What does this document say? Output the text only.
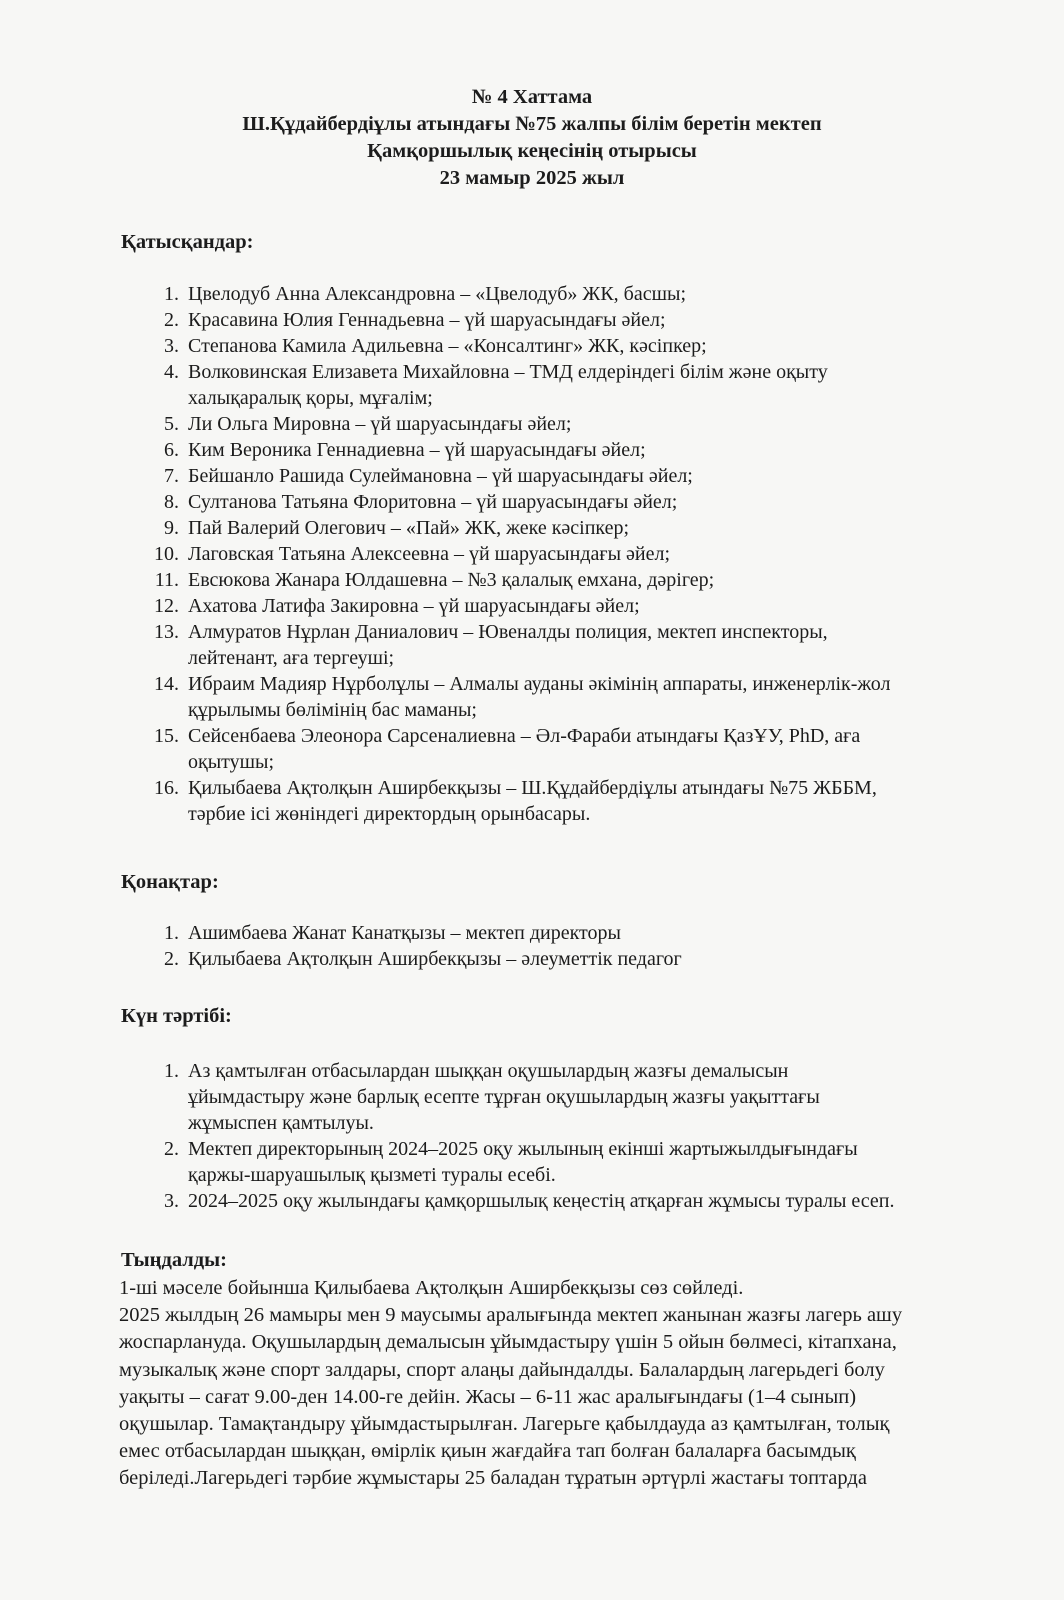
№ 4 Хаттама
Ш.Құдайбердіұлы атындағы №75 жалпы білім беретін мектеп
Қамқоршылық кеңесінің отырысы
23 мамыр 2025 жыл
Қатысқандар:
1. Цвелодуб Анна Александровна – «Цвелодуб» ЖК, басшы;
2. Красавина Юлия Геннадьевна – үй шаруасындағы әйел;
3. Степанова Камила Адильевна – «Консалтинг» ЖК, кәсіпкер;
4. Волковинская Елизавета Михайловна – ТМД елдеріндегі білім және оқыту
халықаралық қоры, мұғалім;
5. Ли Ольга Мировна – үй шаруасындағы әйел;
6. Ким Вероника Геннадиевна – үй шаруасындағы әйел;
7. Бейшанло Рашида Сулеймановна – үй шаруасындағы әйел;
8. Султанова Татьяна Флоритовна – үй шаруасындағы әйел;
9. Пай Валерий Олегович – «Пай» ЖК, жеке кәсіпкер;
10. Лаговская Татьяна Алексеевна – үй шаруасындағы әйел;
11. Евсюкова Жанара Юлдашевна – №3 қалалық емхана, дәрігер;
12. Ахатова Латифа Закировна – үй шаруасындағы әйел;
13. Алмуратов Нұрлан Даниалович – Ювеналды полиция, мектеп инспекторы,
лейтенант, аға тергеуші;
14. Ибраим Мадияр Нұрболұлы – Алмалы ауданы әкімінің аппараты, инженерлік-жол
құрылымы бөлімінің бас маманы;
15. Сейсенбаева Элеонора Сарсеналиевна – Әл-Фараби атындағы ҚазҰУ, PhD, аға
оқытушы;
16. Қилыбаева Ақтолқын Аширбекқызы – Ш.Құдайбердіұлы атындағы №75 ЖББМ,
тәрбие ісі жөніндегі директордың орынбасары.
Қонақтар:
1. Ашимбаева Жанат Канатқызы – мектеп директоры
2. Қилыбаева Ақтолқын Аширбекқызы – әлеуметтік педагог
Күн тәртібі:
1. Аз қамтылған отбасылардан шыққан оқушылардың жазғы демалысын
ұйымдастыру және барлық есепте тұрған оқушылардың жазғы уақыттағы
жұмыспен қамтылуы.
2. Мектеп директорының 2024–2025 оқу жылының екінші жартыжылдығындағы
қаржы-шаруашылық қызметі туралы есебі.
3. 2024–2025 оқу жылындағы қамқоршылық кеңестің атқарған жұмысы туралы есеп.
Тыңдалды:
1-ші мәселе бойынша Қилыбаева Ақтолқын Аширбекқызы сөз сөйледі.
2025 жылдың 26 мамыры мен 9 маусымы аралығында мектеп жанынан жазғы лагерь ашу
жоспарлануда. Оқушылардың демалысын ұйымдастыру үшін 5 ойын бөлмесі, кітапхана,
музыкалық және спорт залдары, спорт алаңы дайындалды. Балалардың лагерьдегі болу
уақыты – сағат 9.00-ден 14.00-ге дейін. Жасы – 6-11 жас аралығындағы (1–4 сынып)
оқушылар. Тамақтандыру ұйымдастырылған. Лагерьге қабылдауда аз қамтылған, толық
емес отбасылардан шыққан, өмірлік қиын жағдайға тап болған балаларға басымдық
беріледі.Лагерьдегі тәрбие жұмыстары 25 баладан тұратын әртүрлі жастағы топтарда
